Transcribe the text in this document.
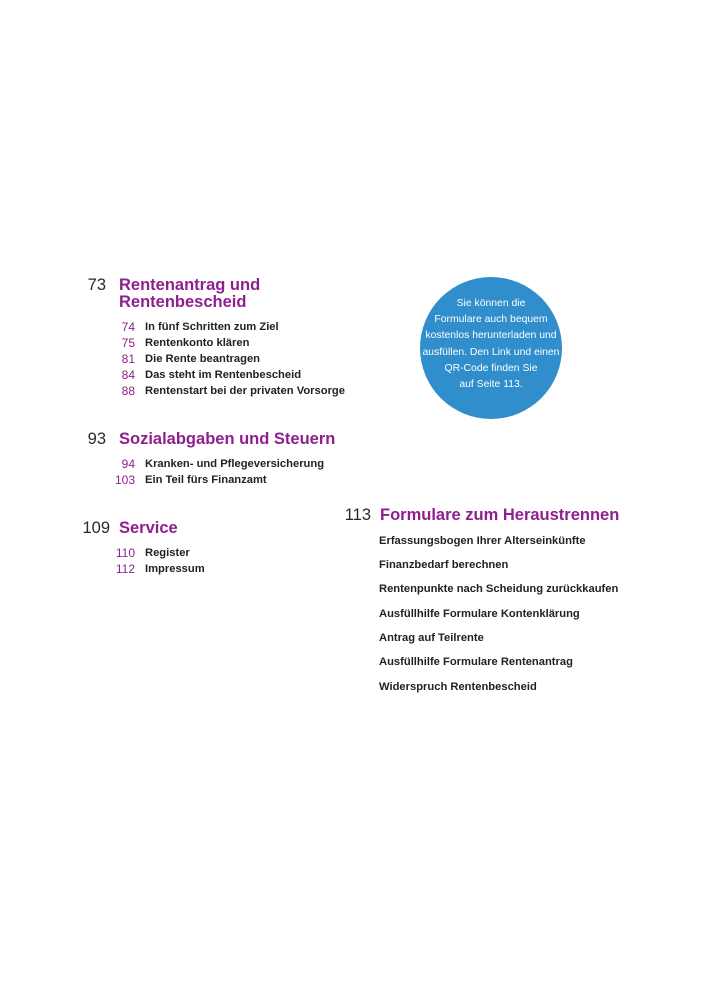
73 Rentenantrag und
Rentenbescheid
74 In fünf Schritten zum Ziel
75 Rentenkonto klären
81 Die Rente beantragen
84 Das steht im Rentenbescheid
88 Rentenstart bei der privaten Vorsorge
Sie können die
Formulare auch bequem
kostenlos herunterladen und
ausfüllen. Den Link und einen
QR-Code finden Sie
auf Seite 113.
93 Sozialabgaben und Steuern
94 Kranken- und Pflegeversicherung
103 Ein Teil fürs Finanzamt
109 Service
110 Register
112 Impressum
113 Formulare zum Heraustrennen
Erfassungsbogen Ihrer Alterseinkünfte
Finanzbedarf berechnen
Rentenpunkte nach Scheidung zurückkaufen
Ausfüllhilfe Formulare Kontenklärung
Antrag auf Teilrente
Ausfüllhilfe Formulare Rentenantrag
Widerspruch Rentenbescheid
